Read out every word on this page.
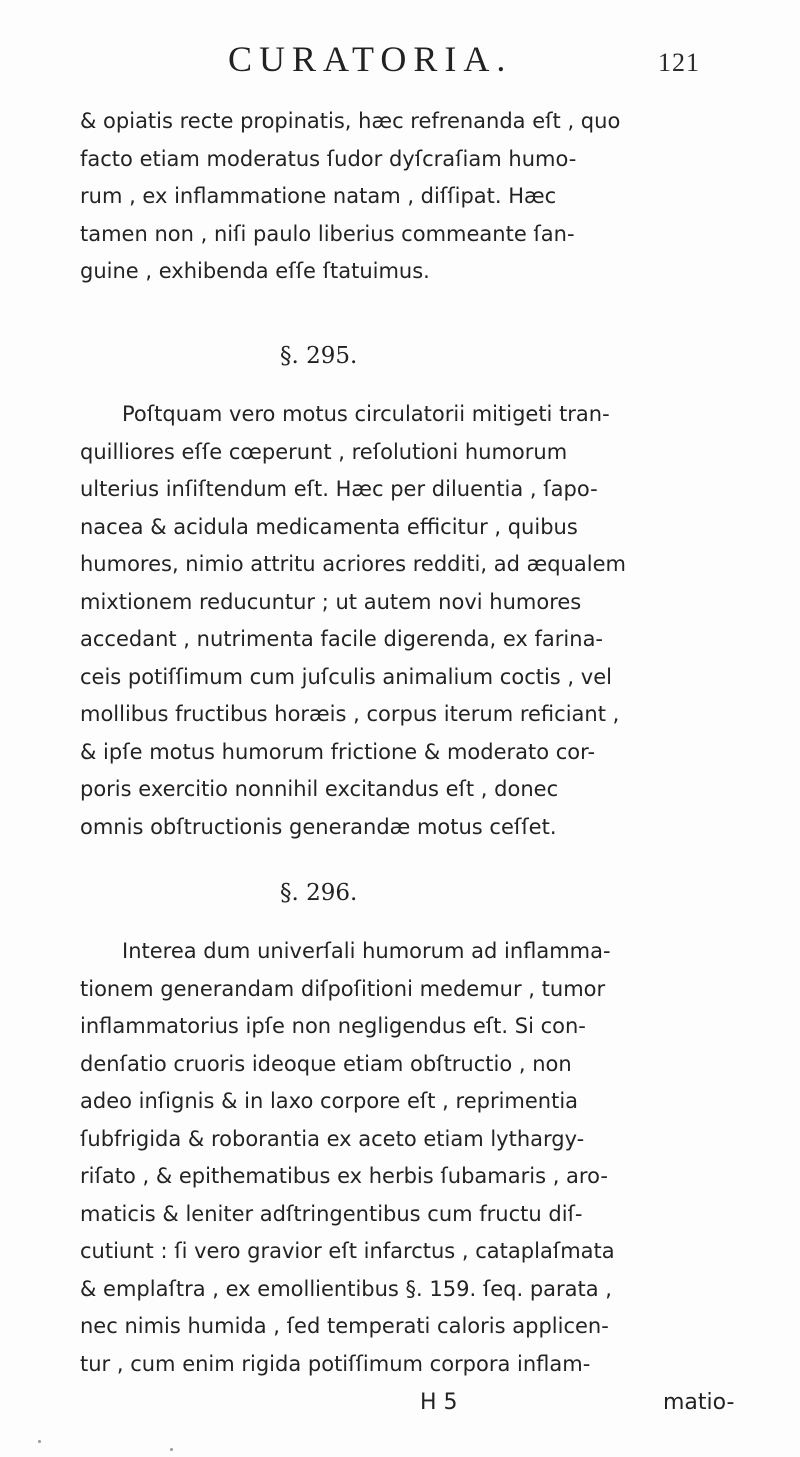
CURATORIA.	121

& opiatis recte propinatis, hæc refrenanda eſt , quo

facto etiam moderatus ſudor dyſcraſiam humo-

rum , ex inflammatione natam , diſſipat. Hæc

tamen non , niſi paulo liberius commeante ſan-

guine , exhibenda eſſe ſtatuimus.

§. 295.

Poſtquam vero motus circulatorii mitigeti tran-

quilliores eſſe cœperunt , reſolutioni humorum

ulterius inſiſtendum eſt. Hæc per diluentia , ſapo-

nacea & acidula medicamenta efficitur , quibus

humores, nimio attritu acriores redditi, ad æqualem

mixtionem reducuntur ; ut autem novi humores

accedant , nutrimenta facile digerenda, ex farina-

ceis potiſſimum cum juſculis animalium coctis , vel

mollibus fructibus horæis , corpus iterum reficiant ,

& ipſe motus humorum frictione & moderato cor-

poris exercitio nonnihil excitandus eſt , donec

omnis obſtructionis generandæ motus ceſſet.

§. 296.

Interea dum univerſali humorum ad inflamma-

tionem generandam diſpoſitioni medemur , tumor

inflammatorius ipſe non negligendus eſt. Si con-

denſatio cruoris ideoque etiam obſtructio , non

adeo inſignis & in laxo corpore eſt , reprimentia

ſubfrigida & roborantia ex aceto etiam lythargy-

riſato , & epithematibus ex herbis ſubamaris , aro-

maticis & leniter adſtringentibus cum fructu diſ-

cutiunt : ſi vero gravior eſt infarctus , cataplaſmata

& emplaſtra , ex emollientibus §. 159. ſeq. parata ,

nec nimis humida , ſed temperati caloris applicen-

tur , cum enim rigida potiſſimum corpora inflam-

H 5	matio-
